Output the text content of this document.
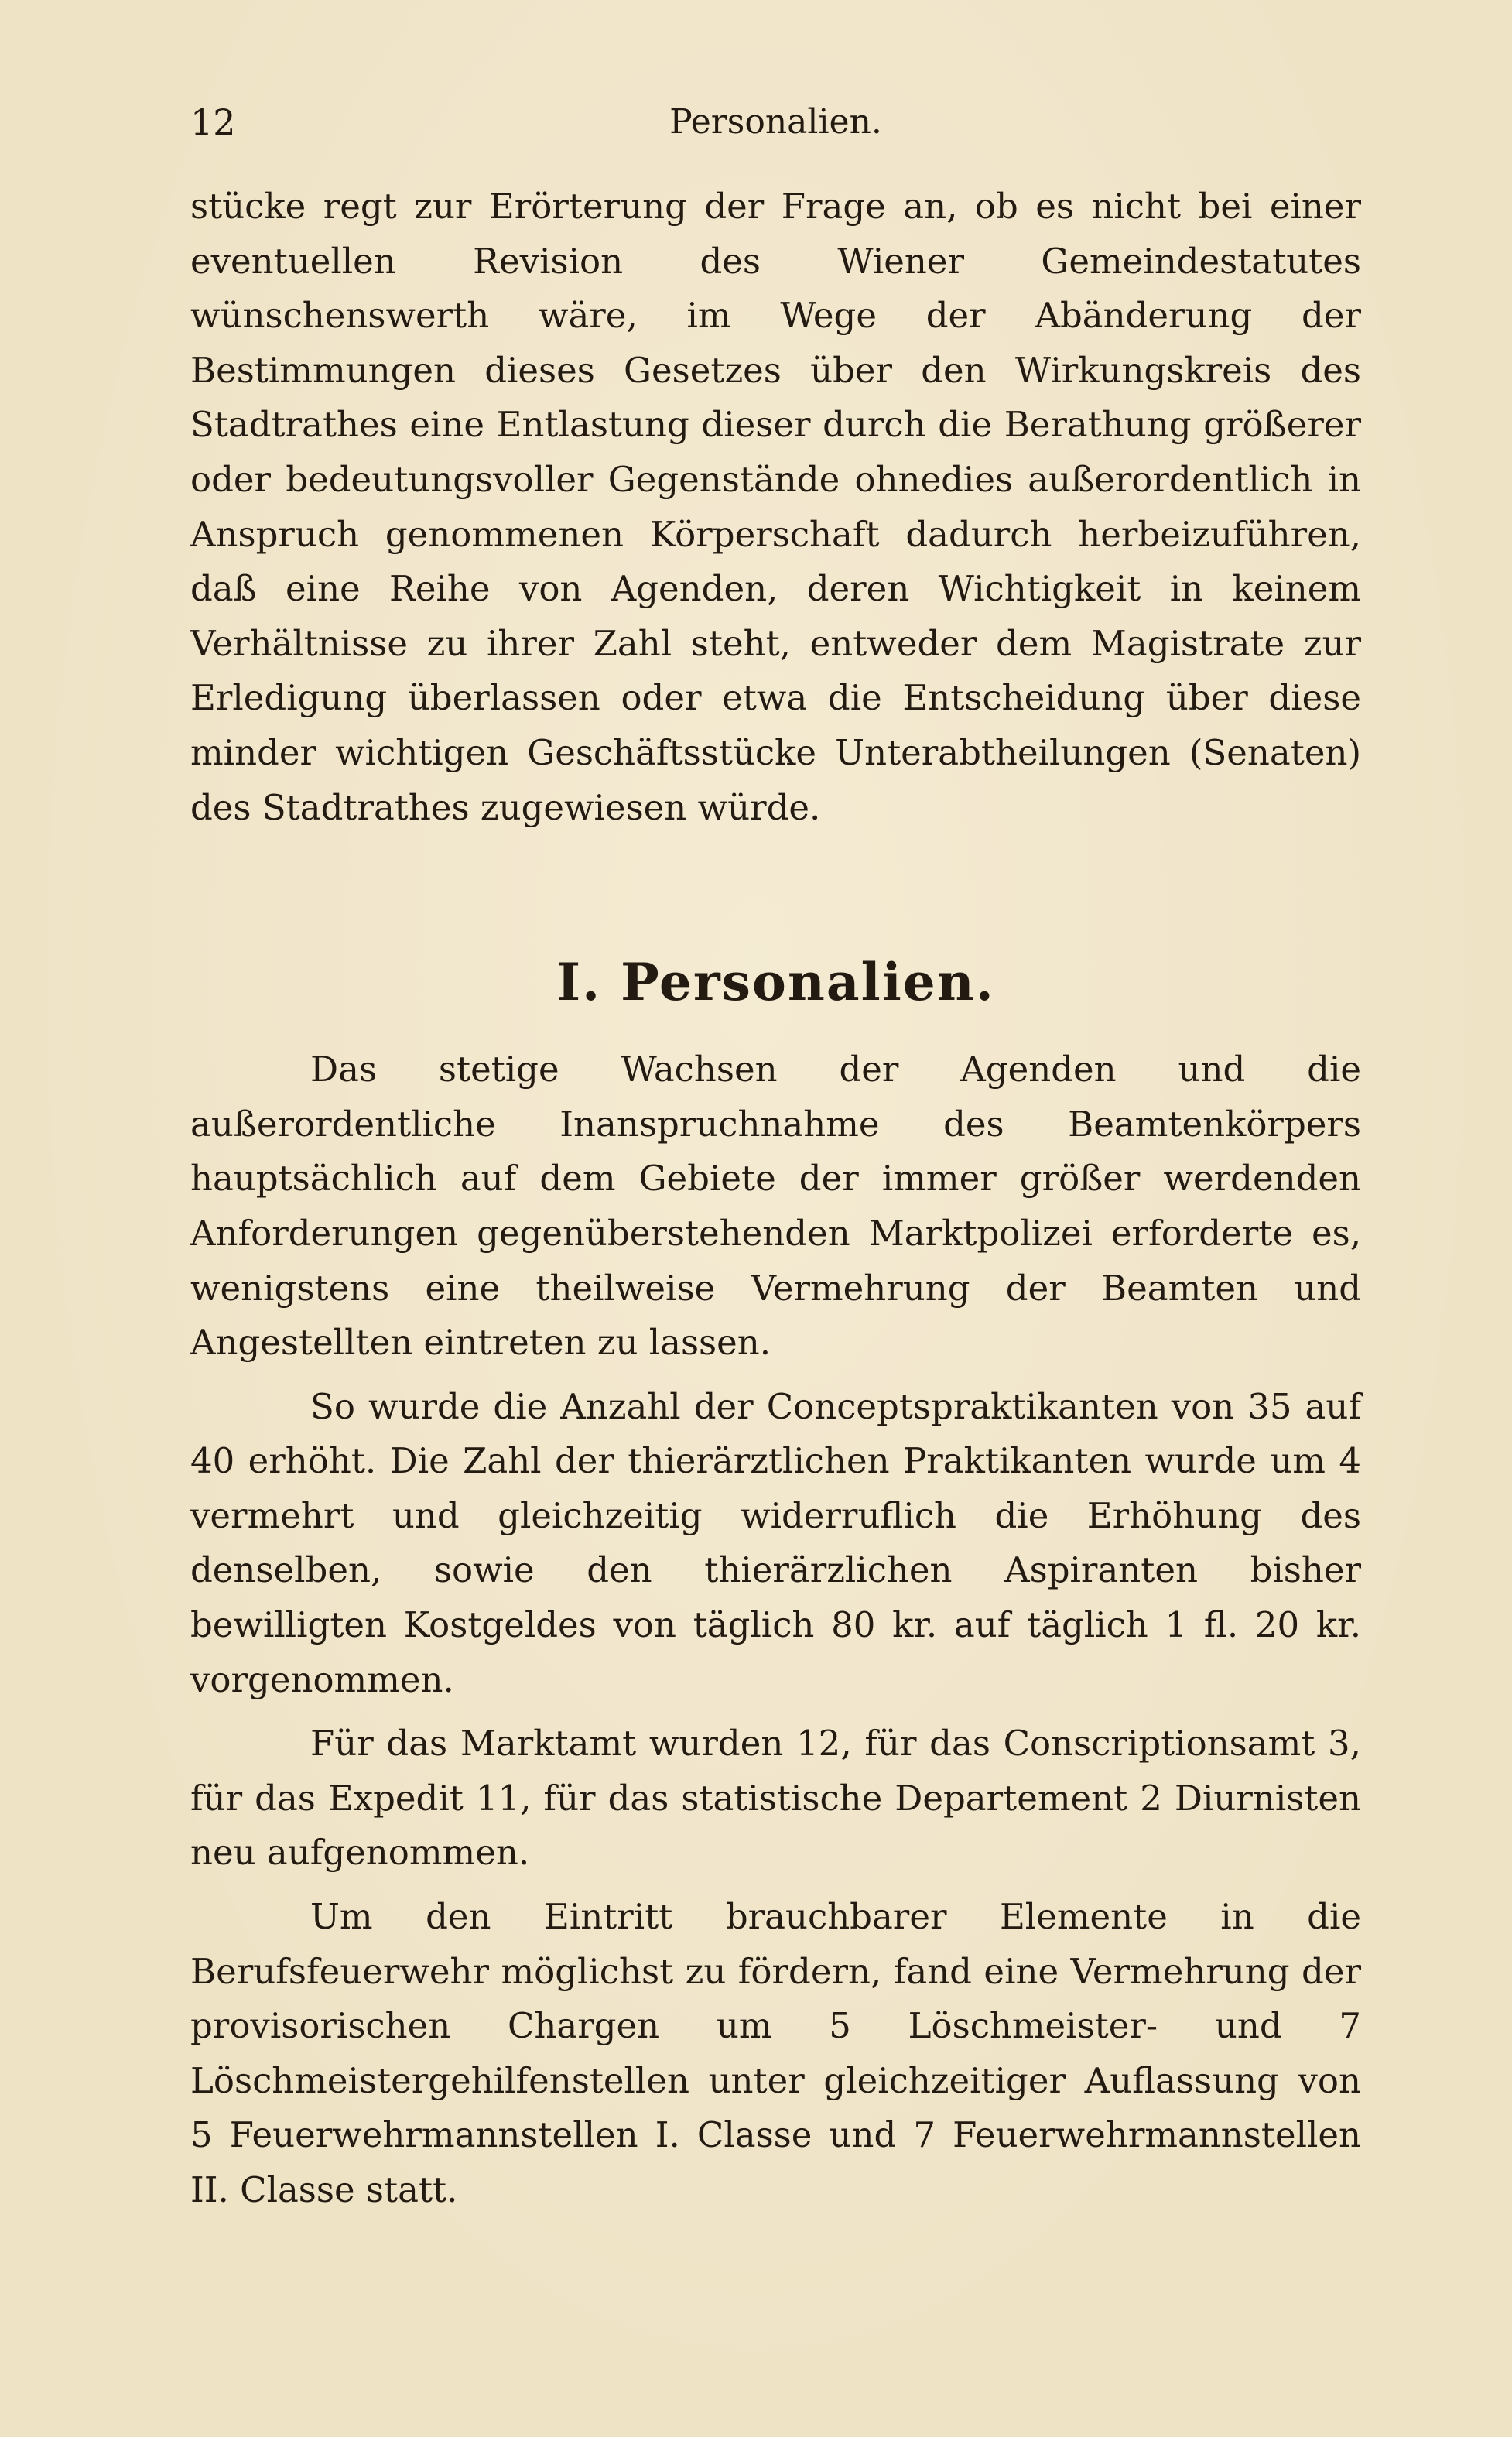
12	Personalien.

stücke regt zur Erörterung der Frage an, ob es nicht bei einer eventuellen Revision des Wiener Gemeindestatutes wünschenswerth wäre, im Wege der Abänderung der Bestimmungen dieses Gesetzes über den Wirkungskreis des Stadtrathes eine Entlastung dieser durch die Berathung größerer oder bedeutungsvoller Gegenstände ohnedies außerordentlich in Anspruch genommenen Körperschaft dadurch herbeizuführen, daß eine Reihe von Agenden, deren Wichtigkeit in keinem Verhältnisse zu ihrer Zahl steht, entweder dem Magistrate zur Erledigung überlassen oder etwa die Entscheidung über diese minder wichtigen Geschäftsstücke Unterabtheilungen (Senaten) des Stadtrathes zugewiesen würde.

I. Personalien.

Das stetige Wachsen der Agenden und die außerordentliche Inanspruchnahme des Beamtenkörpers hauptsächlich auf dem Gebiete der immer größer werdenden Anforderungen gegenüberstehenden Marktpolizei erforderte es, wenigstens eine theilweise Vermehrung der Beamten und Angestellten eintreten zu lassen.

So wurde die Anzahl der Conceptspraktikanten von 35 auf 40 erhöht. Die Zahl der thierärztlichen Praktikanten wurde um 4 vermehrt und gleichzeitig widerruflich die Erhöhung des denselben, sowie den thierärzlichen Aspiranten bisher bewilligten Kostgeldes von täglich 80 kr. auf täglich 1 fl. 20 kr. vorgenommen.

Für das Marktamt wurden 12, für das Conscriptionsamt 3, für das Expedit 11, für das statistische Departement 2 Diurnisten neu aufgenommen.

Um den Eintritt brauchbarer Elemente in die Berufsfeuerwehr möglichst zu fördern, fand eine Vermehrung der provisorischen Chargen um 5 Löschmeister- und 7 Löschmeistergehilfenstellen unter gleichzeitiger Auflassung von 5 Feuerwehrmannstellen I. Classe und 7 Feuerwehrmannstellen II. Classe statt.
